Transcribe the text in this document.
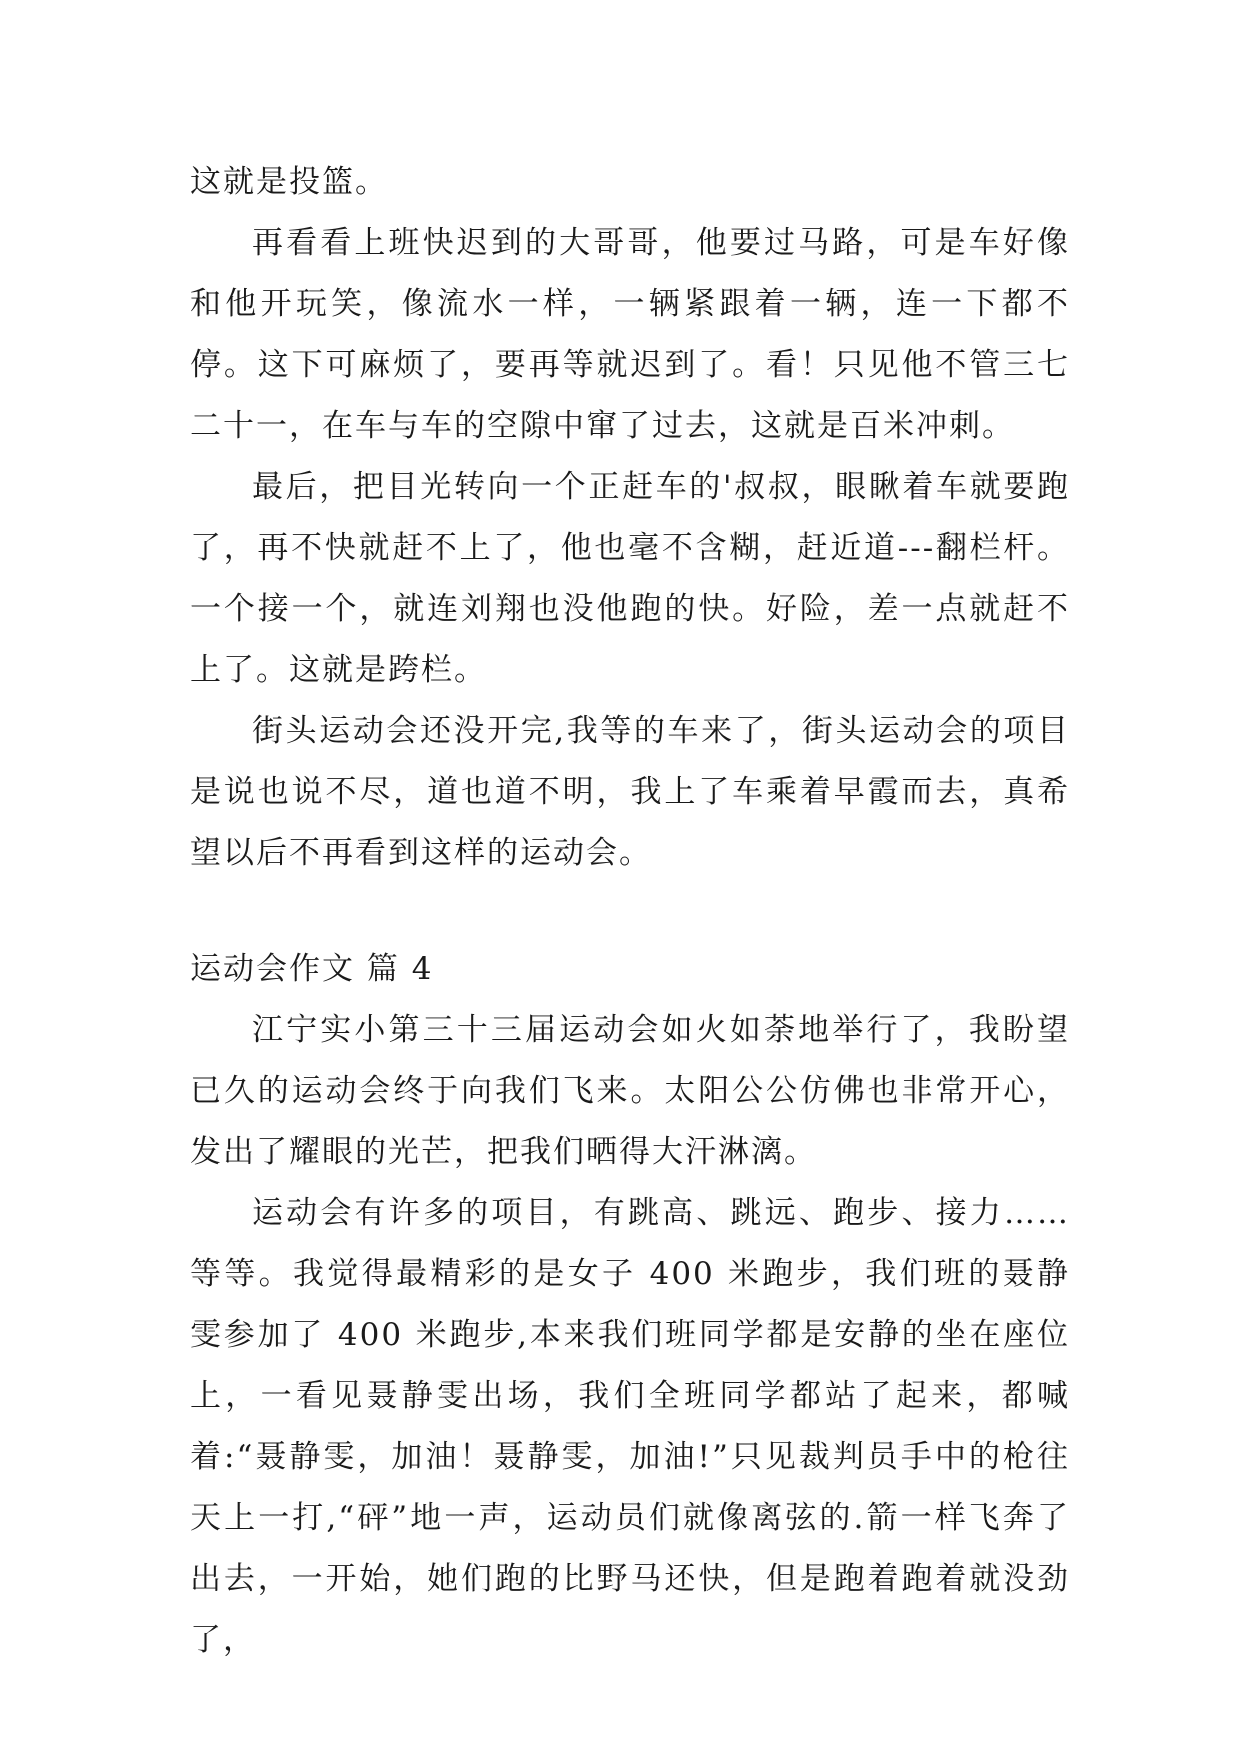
这就是投篮。

再看看上班快迟到的大哥哥，他要过马路，可是车好像和他开玩笑，像流水一样，一辆紧跟着一辆，连一下都不停。这下可麻烦了，要再等就迟到了。看！只见他不管三七二十一，在车与车的空隙中窜了过去，这就是百米冲刺。

最后，把目光转向一个正赶车的'叔叔，眼瞅着车就要跑了，再不快就赶不上了，他也毫不含糊，赶近道---翻栏杆。一个接一个，就连刘翔也没他跑的快。好险，差一点就赶不上了。这就是跨栏。

街头运动会还没开完,我等的车来了，街头运动会的项目是说也说不尽，道也道不明，我上了车乘着早霞而去，真希望以后不再看到这样的运动会。

运动会作文 篇 4

江宁实小第三十三届运动会如火如荼地举行了，我盼望已久的运动会终于向我们飞来。太阳公公仿佛也非常开心，发出了耀眼的光芒，把我们晒得大汗淋漓。

运动会有许多的项目，有跳高、跳远、跑步、接力……等等。我觉得最精彩的是女子 400 米跑步，我们班的聂静雯参加了 400 米跑步,本来我们班同学都是安静的坐在座位上，一看见聂静雯出场，我们全班同学都站了起来，都喊着:“聂静雯，加油！聂静雯，加油!”只见裁判员手中的枪往天上一打,“砰”地一声，运动员们就像离弦的.箭一样飞奔了出去，一开始，她们跑的比野马还快，但是跑着跑着就没劲了，
